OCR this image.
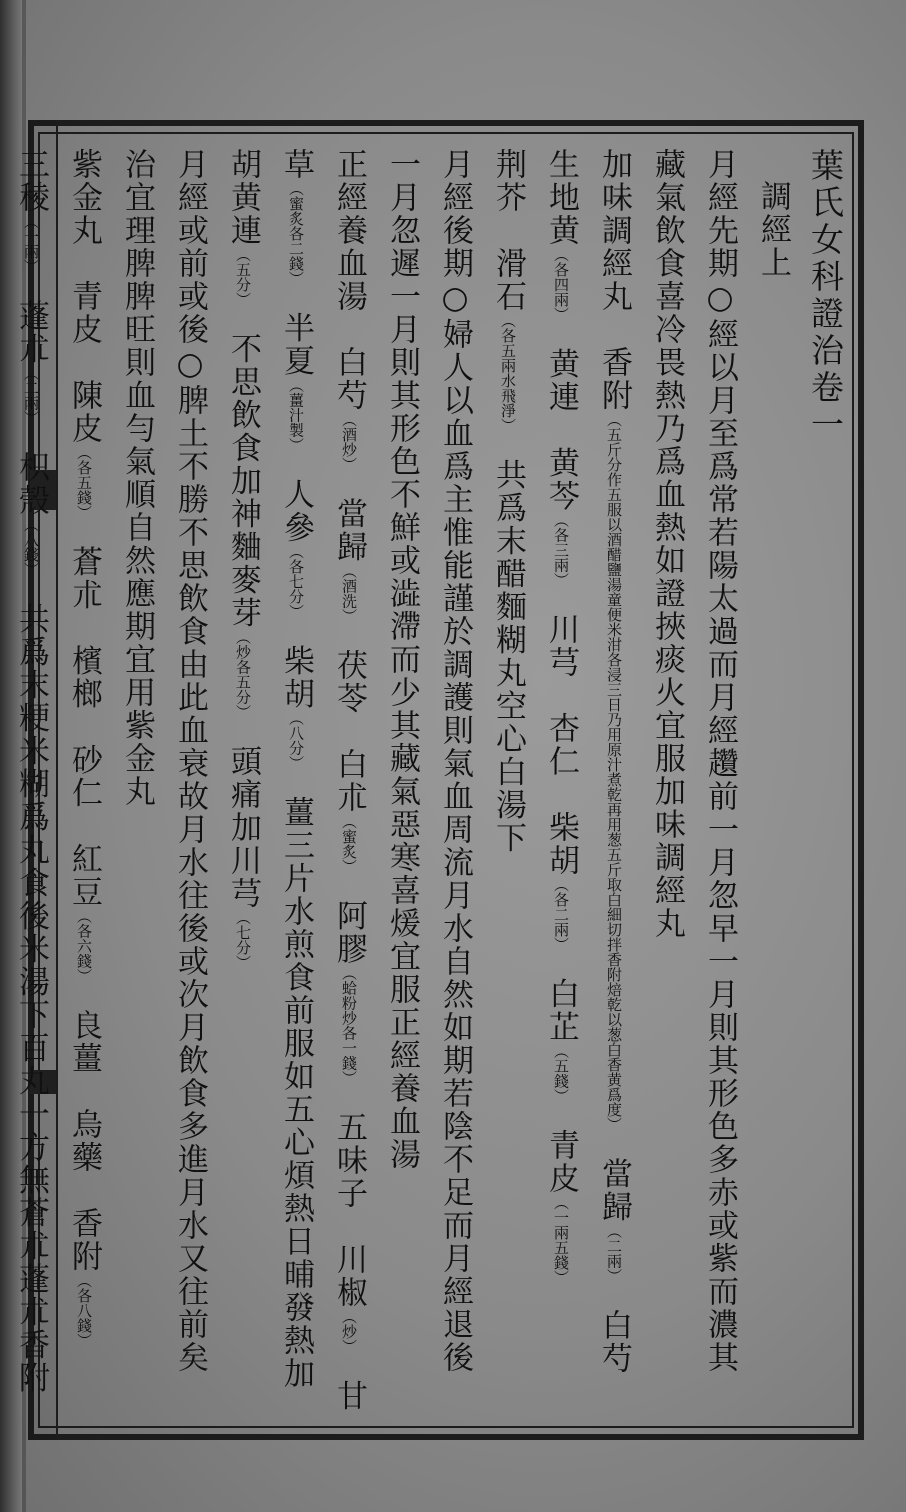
葉氏女科證治卷一

調經上

月經先期○經以月至爲常若陽太過而月經趲前一月忽早一月則其形色多赤或紫而濃其

藏氣飲食喜冷畏熱乃爲血熱如證挾痰火宜服加味調經丸

加味調經丸　香附（五斤分作五服以酒醋鹽湯童便米泔各浸三日乃用原汁煮乾再用葱五斤取白細切拌香附焙乾以葱白香黄爲度）　當歸（二兩）　白芍

生地黄（各四兩）　黄連　黄芩（各三兩）　川芎　杏仁　柴胡（各二兩）　白芷（五錢）　青皮（一兩五錢）

荆芥　滑石（各五兩水飛淨）　共爲末醋麵糊丸空心白湯下

月經後期○婦人以血爲主惟能謹於調護則氣血周流月水自然如期若陰不足而月經退後

一月忽遲一月則其形色不鮮或澁滯而少其藏氣惡寒喜煖宜服正經養血湯

正經養血湯　白芍（酒炒）　當歸（酒洗）　茯苓　白朮（蜜炙）　阿膠（蛤粉炒各一錢）　五味子　川椒（炒）　甘

草（蜜炙各二錢）　半夏（薑汁製）　人參（各七分）　柴胡（八分）　薑三片水煎食前服如五心煩熱日晡發熱加

胡黄連（五分）　不思飲食加神麯麥芽（炒各五分）　頭痛加川芎（七分）

月經或前或後○脾土不勝不思飲食由此血衰故月水往後或次月飲食多進月水又往前矣

治宜理脾脾旺則血勻氣順自然應期宜用紫金丸

紫金丸　青皮　陳皮（各五錢）　蒼朮　檳榔　砂仁　紅豆（各六錢）　良薑　烏藥　香附（各八錢）

三稜（一兩）　蓬朮（二兩）　枳殼（八錢）　共爲末粳米糊爲丸食後米湯下百丸一方無蒼朮蓬朮香附
